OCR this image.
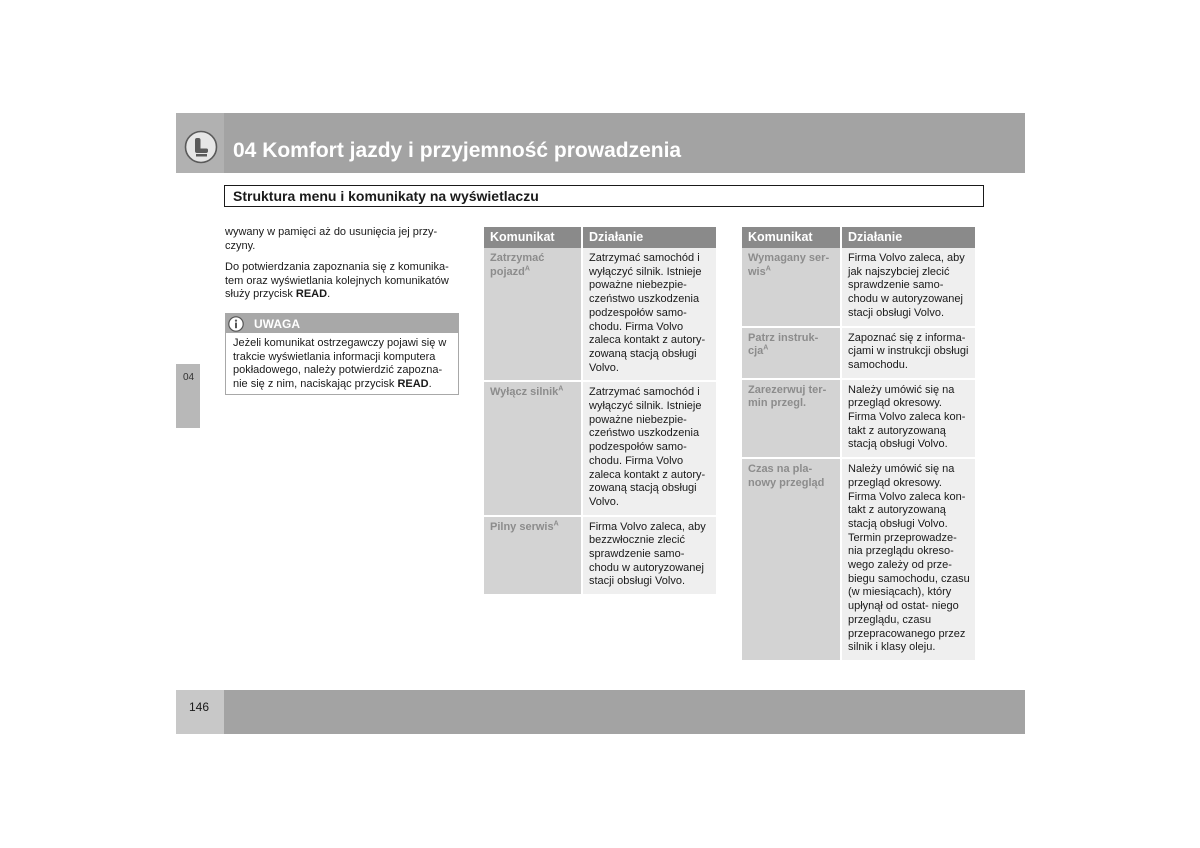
04 Komfort jazdy i przyjemność prowadzenia
Struktura menu i komunikaty na wyświetlaczu
04

wywany w pamięci aż do usunięcia jej przy- czyny.

Do potwierdzania zapoznania się z komunika- tem oraz wyświetlania kolejnych komunikatów służy przycisk READ.

UWAGA
Jeżeli komunikat ostrzegawczy pojawi się w trakcie wyświetlania informacji komputera pokładowego, należy potwierdzić zapozna- nie się z nim, naciskając przycisk READ.
Komunikat	Działanie
Zatrzymać pojazd$^A$	Zatrzymać samochód i wyłączyć silnik. Istnieje poważne niebezpie- czeństwo uszkodzenia podzespołów samo- chodu. Firma Volvo zaleca kontakt z autory- zowaną stacją obsługi Volvo.
Wyłącz silnik$^A$	Zatrzymać samochód i wyłączyć silnik. Istnieje poważne niebezpie- czeństwo uszkodzenia podzespołów samo- chodu. Firma Volvo zaleca kontakt z autory- zowaną stacją obsługi Volvo.
Pilny serwis$^A$	Firma Volvo zaleca, aby bezzwłocznie zlecić sprawdzenie samo- chodu w autoryzowanej stacji obsługi Volvo.
Komunikat	Działanie
Wymagany ser- wis$^A$	Firma Volvo zaleca, aby jak najszybciej zlecić sprawdzenie samo- chodu w autoryzowanej stacji obsługi Volvo.
Patrz instruk- cja$^A$	Zapoznać się z informa- cjami w instrukcji obsługi samochodu.
Zarezerwuj ter- min przegl.	Należy umówić się na przegląd okresowy. Firma Volvo zaleca kon- takt z autoryzowaną stacją obsługi Volvo.
Czas na pla- nowy przegląd	Należy umówić się na przegląd okresowy. Firma Volvo zaleca kon- takt z autoryzowaną stacją obsługi Volvo. Termin przeprowadze- nia przeglądu okreso- wego zależy od prze- biegu samochodu, czasu (w miesiącach), który upłynął od ostat- niego przeglądu, czasu przepracowanego przez silnik i klasy oleju.
146
